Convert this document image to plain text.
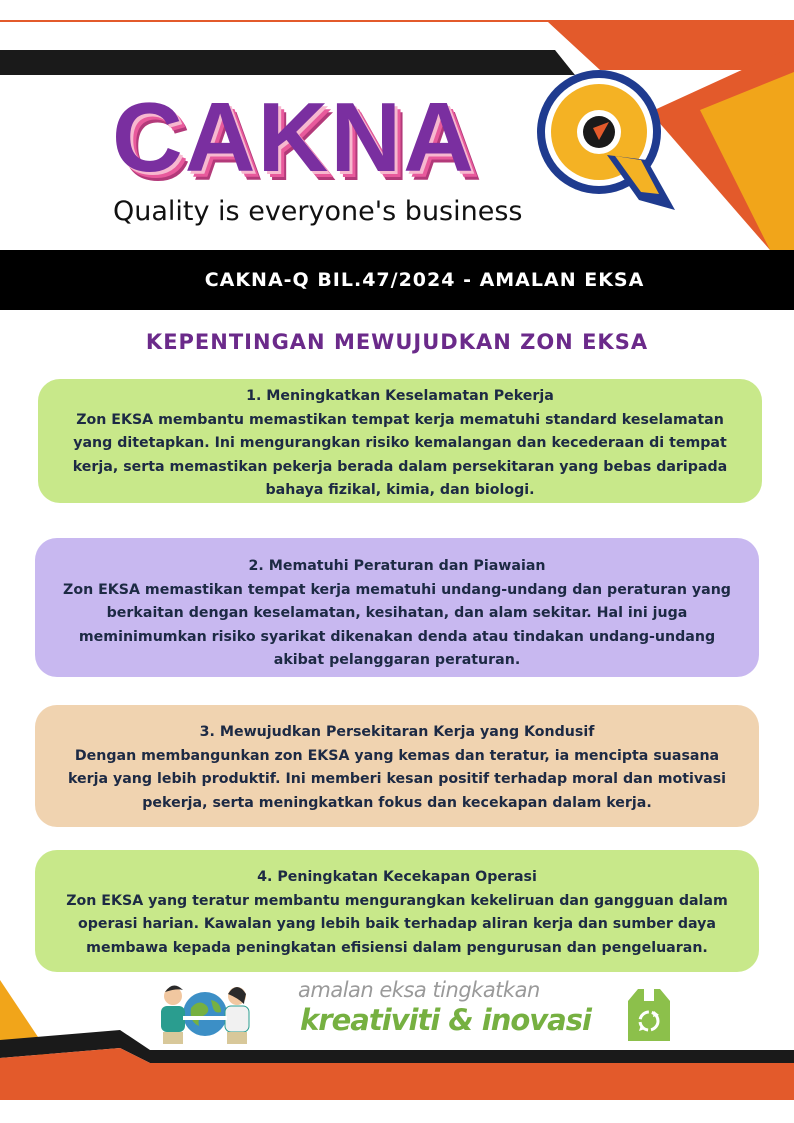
CAKNA
Quality is everyone's business
CAKNA-Q BIL.47/2024 - AMALAN EKSA
KEPENTINGAN MEWUJUDKAN ZON EKSA
1. Meningkatkan Keselamatan Pekerja
Zon EKSA membantu memastikan tempat kerja mematuhi standard keselamatan yang ditetapkan. Ini mengurangkan risiko kemalangan dan kecederaan di tempat kerja, serta memastikan pekerja berada dalam persekitaran yang bebas daripada bahaya fizikal, kimia, dan biologi.
2. Mematuhi Peraturan dan Piawaian
Zon EKSA memastikan tempat kerja mematuhi undang-undang dan peraturan yang berkaitan dengan keselamatan, kesihatan, dan alam sekitar. Hal ini juga meminimumkan risiko syarikat dikenakan denda atau tindakan undang-undang akibat pelanggaran peraturan.
3. Mewujudkan Persekitaran Kerja yang Kondusif
Dengan membangunkan zon EKSA yang kemas dan teratur, ia mencipta suasana kerja yang lebih produktif. Ini memberi kesan positif terhadap moral dan motivasi pekerja, serta meningkatkan fokus dan kecekapan dalam kerja.
4. Peningkatan Kecekapan Operasi
Zon EKSA yang teratur membantu mengurangkan kekeliruan dan gangguan dalam operasi harian. Kawalan yang lebih baik terhadap aliran kerja dan sumber daya membawa kepada peningkatan efisiensi dalam pengurusan dan pengeluaran.
amalan eksa tingkatkan
kreativiti & inovasi
